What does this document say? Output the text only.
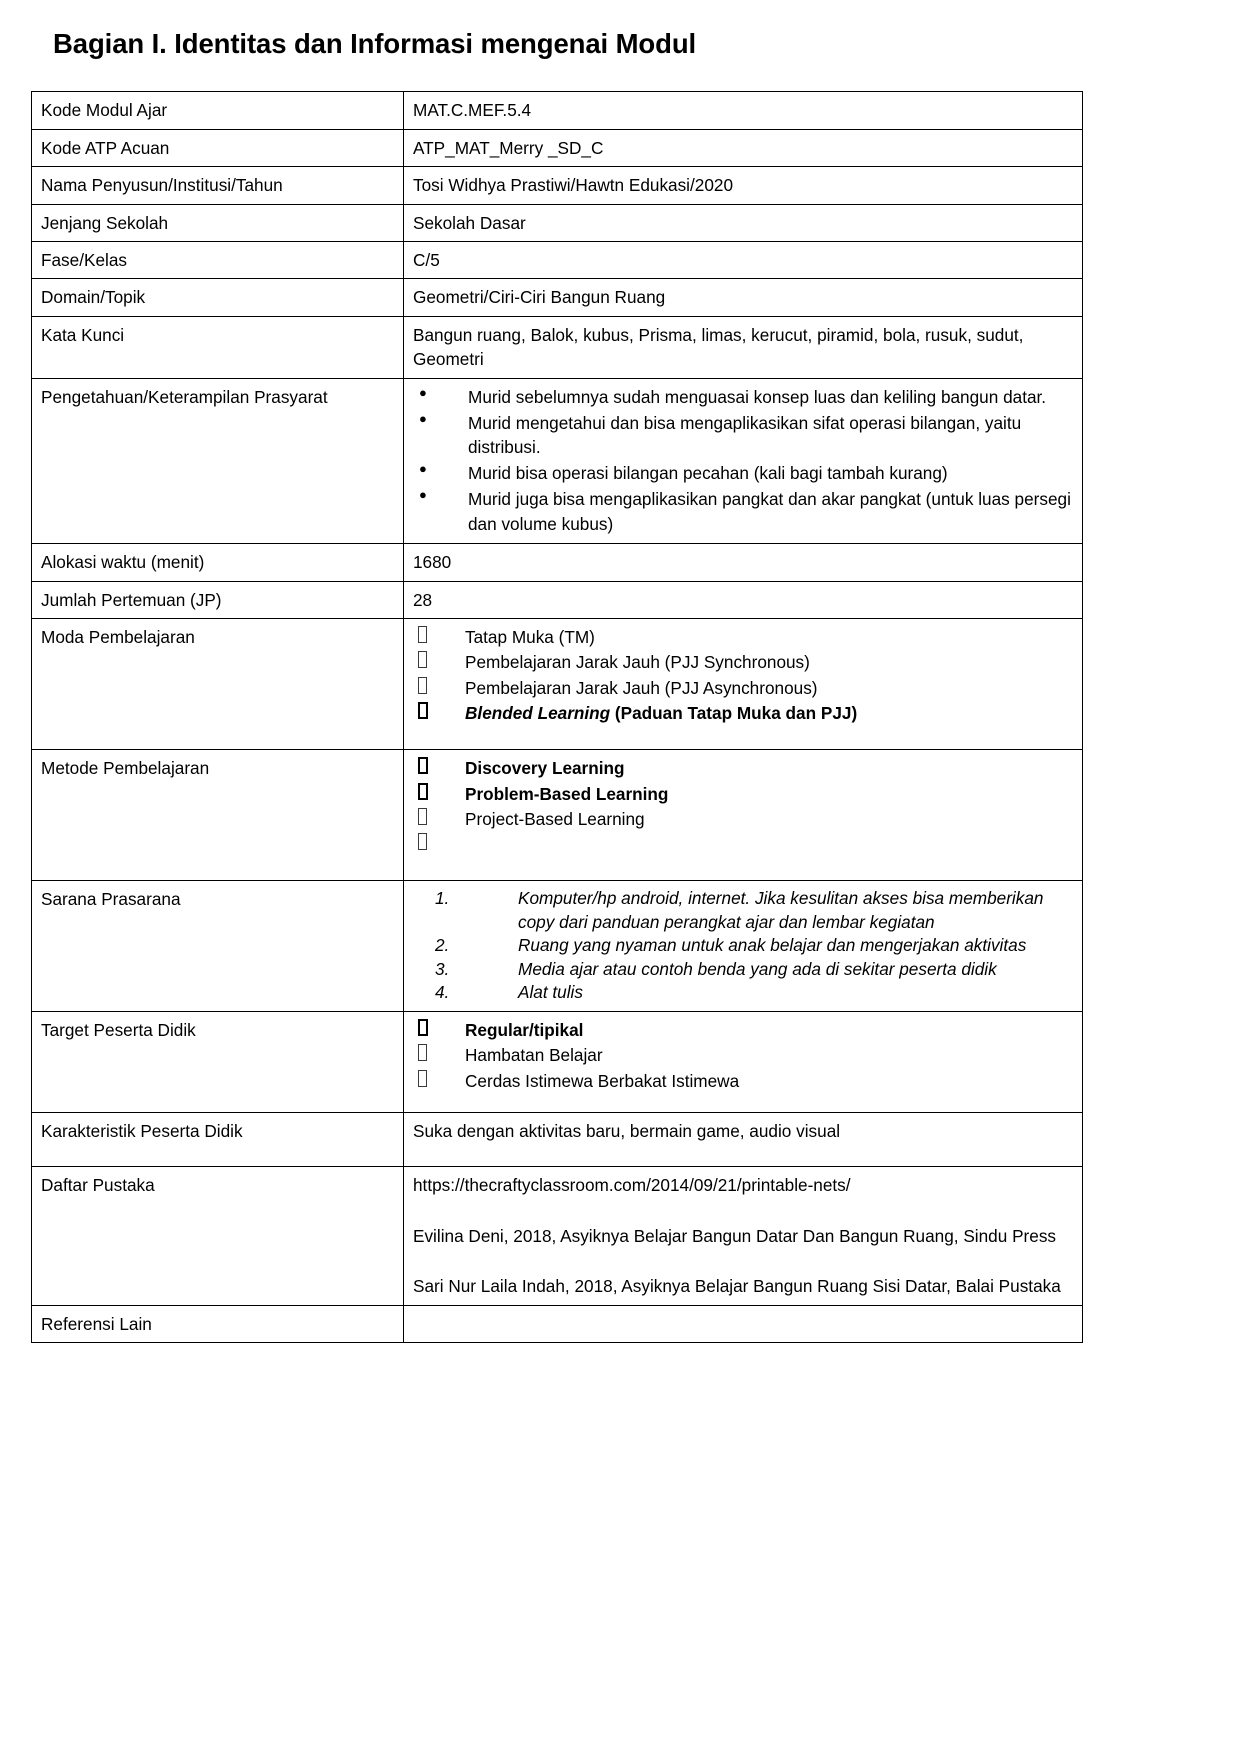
Bagian I. Identitas dan Informasi mengenai Modul
Kode Modul Ajar	MAT.C.MEF.5.4
Kode ATP Acuan	ATP_MAT_Merry _SD_C
Nama Penyusun/Institusi/Tahun	Tosi Widhya Prastiwi/Hawtn Edukasi/2020
Jenjang Sekolah	Sekolah Dasar
Fase/Kelas	C/5
Domain/Topik	Geometri/Ciri-Ciri Bangun Ruang
Kata Kunci	Bangun ruang, Balok, kubus, Prisma, limas, kerucut, piramid, bola, rusuk, sudut, Geometri
Pengetahuan/Keterampilan Prasyarat	
●Murid sebelumnya sudah menguasai konsep luas dan keliling bangun datar.
● Murid mengetahui dan bisa mengaplikasikan sifat operasi bilangan, yaitu distribusi.
● Murid bisa operasi bilangan pecahan (kali bagi tambah kurang)
● Murid juga bisa mengaplikasikan pangkat dan akar pangkat (untuk luas persegi dan volume kubus)

Alokasi waktu (menit)	1680
Jumlah Pertemuan (JP)	28
Moda Pembelajaran	Tatap Muka (TM)
Pembelajaran Jarak Jauh (PJJ Synchronous)
Pembelajaran Jarak Jauh (PJJ Asynchronous)
Blended Learning (Paduan Tatap Muka dan PJJ)

Metode Pembelajaran	Discovery Learning
Problem-Based Learning
Project-Based Learning

Sarana Prasarana	1.	Komputer/hp android, internet. Jika kesulitan akses bisa memberikan copy dari panduan perangkat ajar dan lembar kegiatan
2.	Ruang yang nyaman untuk anak belajar dan mengerjakan aktivitas
3.	Media ajar atau contoh benda yang ada di sekitar peserta didik
4.	Alat tulis

Target Peserta Didik	Regular/tipikal
Hambatan Belajar
Cerdas Istimewa Berbakat Istimewa

Karakteristik Peserta Didik	Suka dengan aktivitas baru, bermain game, audio visual

Daftar Pustaka	https://thecraftyclassroom.com/2014/09/21/printable-nets/

Evilina Deni, 2018, Asyiknya Belajar Bangun Datar Dan Bangun Ruang, Sindu Press

Sari Nur Laila Indah, 2018, Asyiknya Belajar Bangun Ruang Sisi Datar, Balai Pustaka

Referensi Lain	
